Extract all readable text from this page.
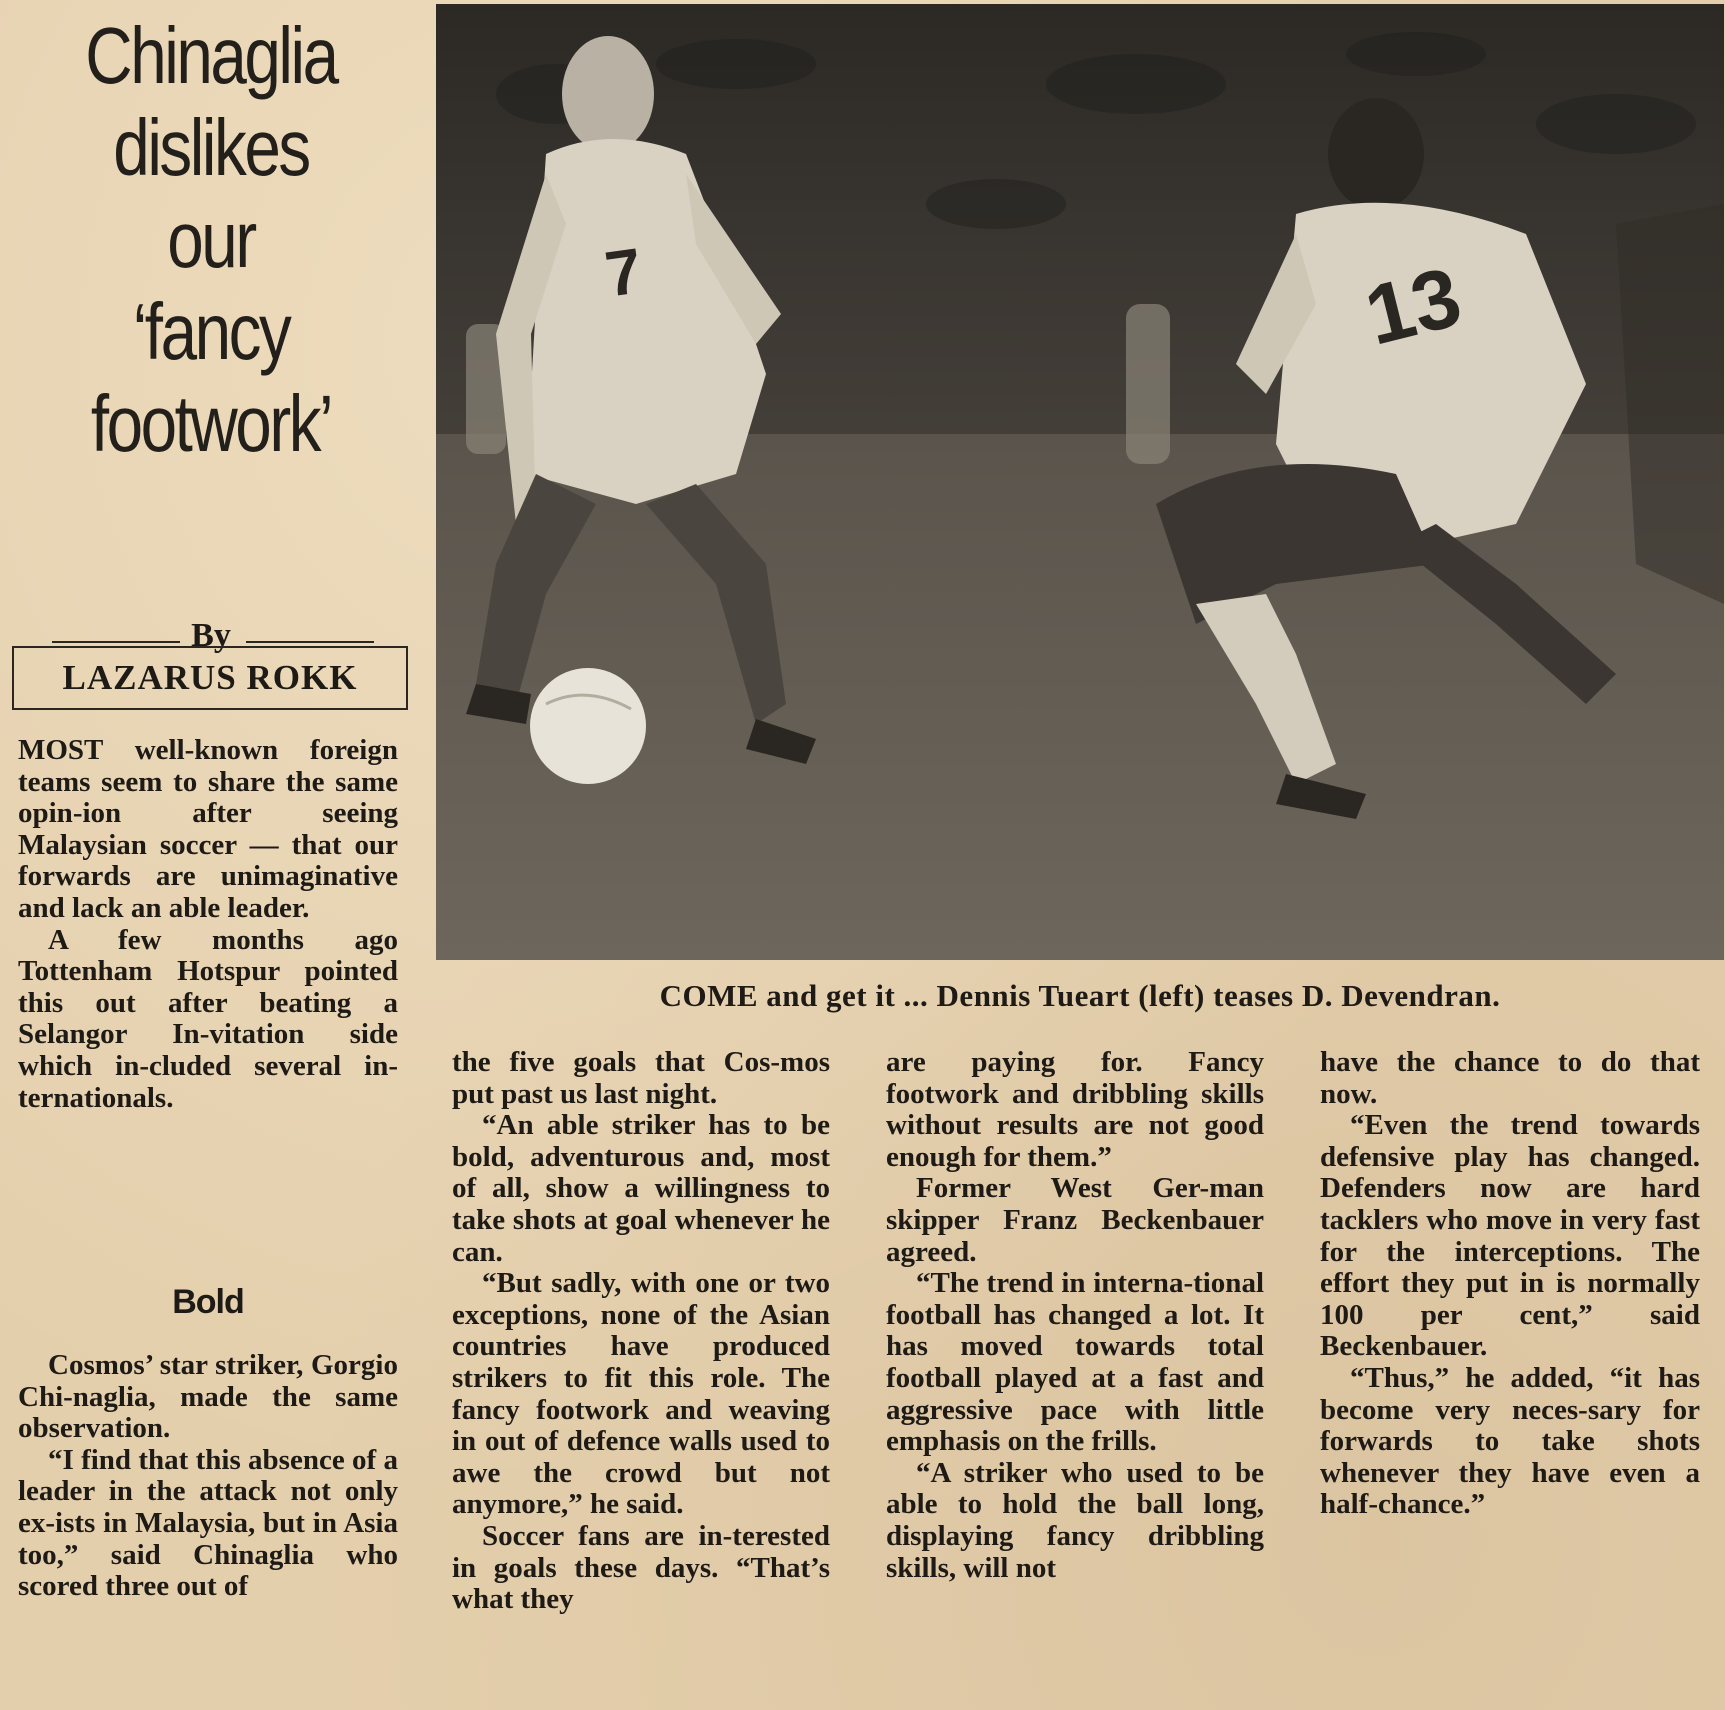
Chinaglia
dislikes
our
‘fancy
footwork’
By
LAZARUS ROKK

MOST well-known foreign teams seem to share the same opin-ion after seeing Malaysian soccer — that our forwards are unimaginative and lack an able leader.

A few months ago Tottenham Hotspur pointed this out after beating a Selangor In-vitation side which in-cluded several in-ternationals.

Bold

Cosmos’ star striker, Gorgio Chi-naglia, made the same observation.

“I find that this absence of a leader in the attack not only ex-ists in Malaysia, but in Asia too,” said Chinaglia who scored three out of

7	13
COME and get it ... Dennis Tueart (left) teases D. Devendran.

the five goals that Cos-mos put past us last night.

“An able striker has to be bold, adventurous and, most of all, show a willingness to take shots at goal whenever he can.

“But sadly, with one or two exceptions, none of the Asian countries have produced strikers to fit this role. The fancy footwork and weaving in out of defence walls used to awe the crowd but not anymore,” he said.

Soccer fans are in-terested in goals these days. “That’s what they

are paying for. Fancy footwork and dribbling skills without results are not good enough for them.”

Former West Ger-man skipper Franz Beckenbauer agreed.

“The trend in interna-tional football has changed a lot. It has moved towards total football played at a fast and aggressive pace with little emphasis on the frills.

“A striker who used to be able to hold the ball long, displaying fancy dribbling skills, will not

have the chance to do that now.

“Even the trend towards defensive play has changed. Defenders now are hard tacklers who move in very fast for the interceptions. The effort they put in is normally 100 per cent,” said Beckenbauer.

“Thus,” he added, “it has become very neces-sary for forwards to take shots whenever they have even a half-chance.”
